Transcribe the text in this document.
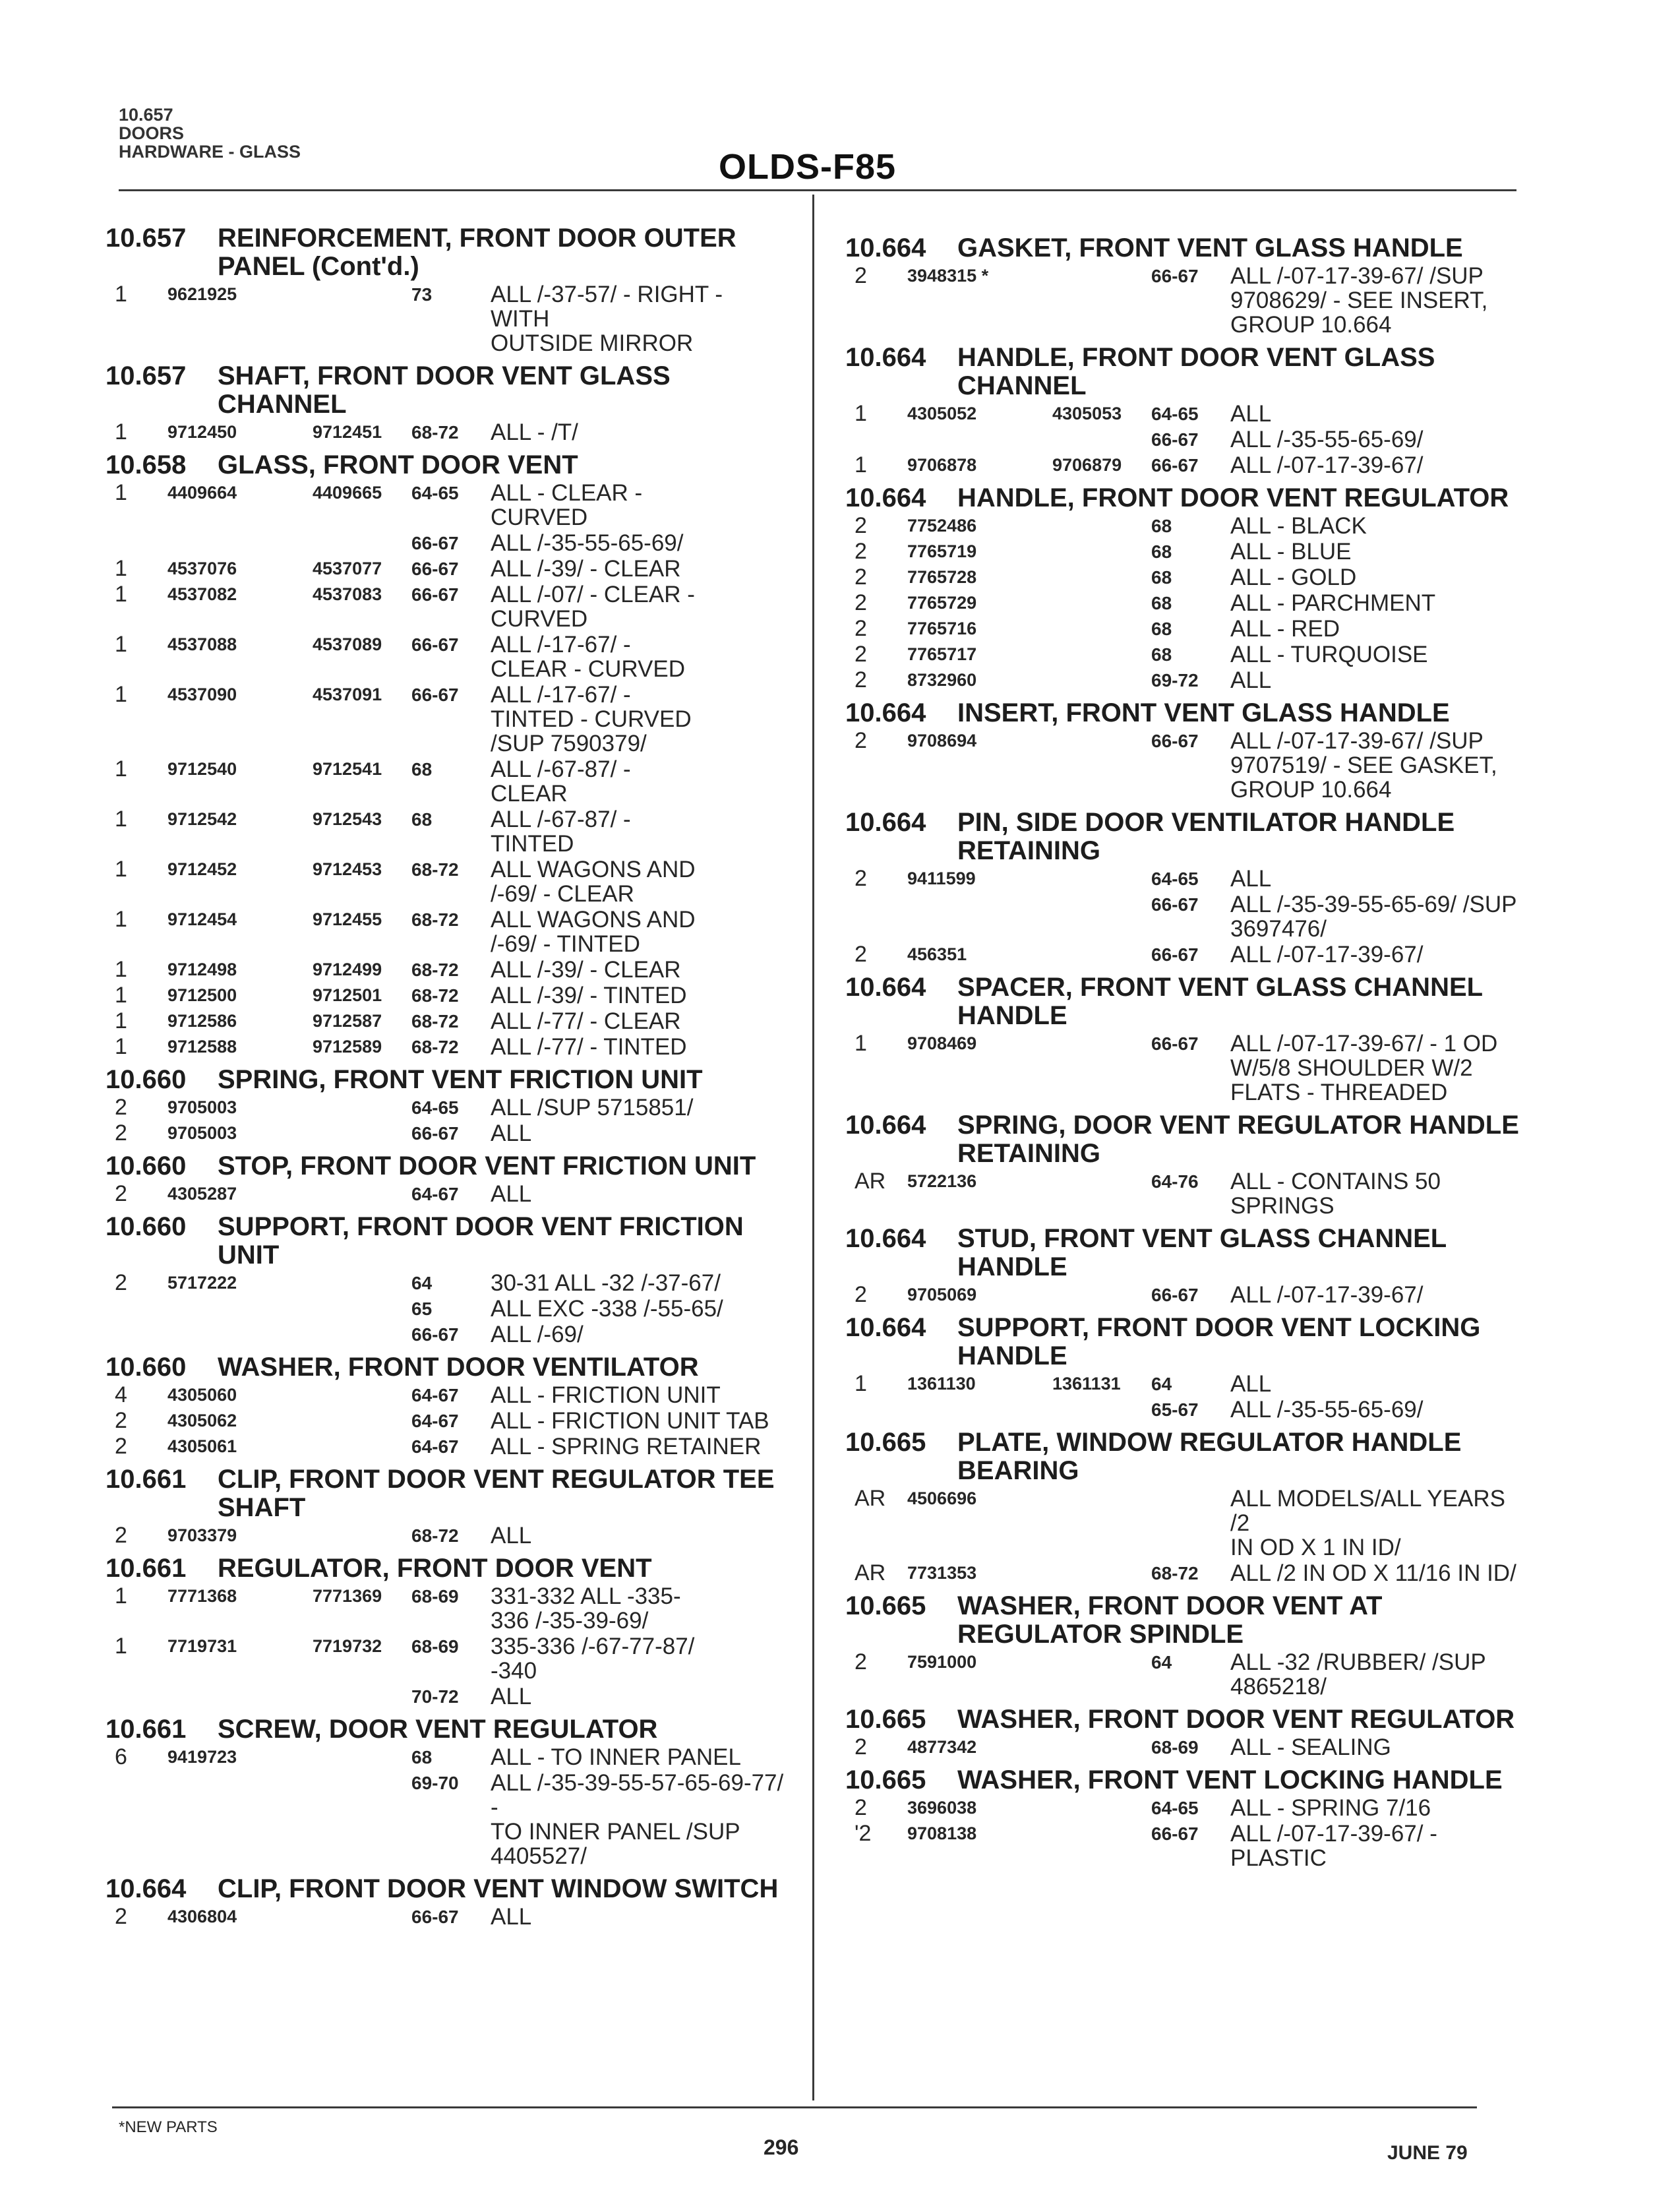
10.657
DOORS
HARDWARE - GLASS	OLDS-F85
10.657	REINFORCEMENT, FRONT DOOR OUTER PANEL (Cont'd.)
1	9621925	73	ALL /-37-57/ - RIGHT - WITH
OUTSIDE MIRROR
10.657	SHAFT, FRONT DOOR VENT GLASS CHANNEL
1	9712450	9712451	68-72	ALL - /T/
10.658	GLASS, FRONT DOOR VENT
1	4409664	4409665	64-65	ALL - CLEAR -
CURVED
66-67	ALL /-35-55-65-69/
1	4537076	4537077	66-67	ALL /-39/ - CLEAR
1	4537082	4537083	66-67	ALL /-07/ - CLEAR -
CURVED
1	4537088	4537089	66-67	ALL /-17-67/ -
CLEAR - CURVED
1	4537090	4537091	66-67	ALL /-17-67/ -
TINTED - CURVED
/SUP 7590379/
1	9712540	9712541	68	ALL /-67-87/ -
CLEAR
1	9712542	9712543	68	ALL /-67-87/ -
TINTED
1	9712452	9712453	68-72	ALL WAGONS AND
/-69/ - CLEAR
1	9712454	9712455	68-72	ALL WAGONS AND
/-69/ - TINTED
1	9712498	9712499	68-72	ALL /-39/ - CLEAR
1	9712500	9712501	68-72	ALL /-39/ - TINTED
1	9712586	9712587	68-72	ALL /-77/ - CLEAR
1	9712588	9712589	68-72	ALL /-77/ - TINTED
10.660	SPRING, FRONT VENT FRICTION UNIT
2	9705003	64-65	ALL /SUP 5715851/
2	9705003	66-67	ALL
10.660	STOP, FRONT DOOR VENT FRICTION UNIT
2	4305287	64-67	ALL
10.660	SUPPORT, FRONT DOOR VENT FRICTION UNIT
2	5717222	64	30-31 ALL -32 /-37-67/
65	ALL EXC -338 /-55-65/
66-67	ALL /-69/
10.660	WASHER, FRONT DOOR VENTILATOR
4	4305060	64-67	ALL - FRICTION UNIT
2	4305062	64-67	ALL - FRICTION UNIT TAB
2	4305061	64-67	ALL - SPRING RETAINER
10.661	CLIP, FRONT DOOR VENT REGULATOR TEE SHAFT
2	9703379	68-72	ALL
10.661	REGULATOR, FRONT DOOR VENT
1	7771368	7771369	68-69	331-332 ALL -335-
336 /-35-39-69/
1	7719731	7719732	68-69	335-336 /-67-77-87/
-340
70-72	ALL
10.661	SCREW, DOOR VENT REGULATOR
6	9419723	68	ALL - TO INNER PANEL
69-70	ALL /-35-39-55-57-65-69-77/ -
TO INNER PANEL /SUP
4405527/
10.664	CLIP, FRONT DOOR VENT WINDOW SWITCH
2	4306804	66-67	ALL
10.664	GASKET, FRONT VENT GLASS HANDLE
2	3948315 *	66-67	ALL /-07-17-39-67/ /SUP
9708629/ - SEE INSERT,
GROUP 10.664
10.664	HANDLE, FRONT DOOR VENT GLASS CHANNEL
1	4305052	4305053	64-65	ALL
66-67	ALL /-35-55-65-69/
1	9706878	9706879	66-67	ALL /-07-17-39-67/
10.664	HANDLE, FRONT DOOR VENT REGULATOR
2	7752486	68	ALL - BLACK
2	7765719	68	ALL - BLUE
2	7765728	68	ALL - GOLD
2	7765729	68	ALL - PARCHMENT
2	7765716	68	ALL - RED
2	7765717	68	ALL - TURQUOISE
2	8732960	69-72	ALL
10.664	INSERT, FRONT VENT GLASS HANDLE
2	9708694	66-67	ALL /-07-17-39-67/ /SUP
9707519/ - SEE GASKET,
GROUP 10.664
10.664	PIN, SIDE DOOR VENTILATOR HANDLE RETAINING
2	9411599	64-65	ALL
66-67	ALL /-35-39-55-65-69/ /SUP
3697476/
2	456351	66-67	ALL /-07-17-39-67/
10.664	SPACER, FRONT VENT GLASS CHANNEL HANDLE
1	9708469	66-67	ALL /-07-17-39-67/ - 1 OD
W/5/8 SHOULDER W/2
FLATS - THREADED
10.664	SPRING, DOOR VENT REGULATOR HANDLE RETAINING
AR	5722136	64-76	ALL - CONTAINS 50 SPRINGS
10.664	STUD, FRONT VENT GLASS CHANNEL HANDLE
2	9705069	66-67	ALL /-07-17-39-67/
10.664	SUPPORT, FRONT DOOR VENT LOCKING HANDLE
1	1361130	1361131	64	ALL
65-67	ALL /-35-55-65-69/
10.665	PLATE, WINDOW REGULATOR HANDLE BEARING
AR	4506696	ALL MODELS/ALL YEARS /2
IN OD X 1 IN ID/
AR	7731353	68-72	ALL /2 IN OD X 11/16 IN ID/
10.665	WASHER, FRONT DOOR VENT AT REGULATOR SPINDLE
2	7591000	64	ALL -32 /RUBBER/ /SUP
4865218/
10.665	WASHER, FRONT DOOR VENT REGULATOR
2	4877342	68-69	ALL - SEALING
10.665	WASHER, FRONT VENT LOCKING HANDLE
2	3696038	64-65	ALL - SPRING 7/16
'2	9708138	66-67	ALL /-07-17-39-67/ - PLASTIC
*NEW PARTS
296	JUNE 79
